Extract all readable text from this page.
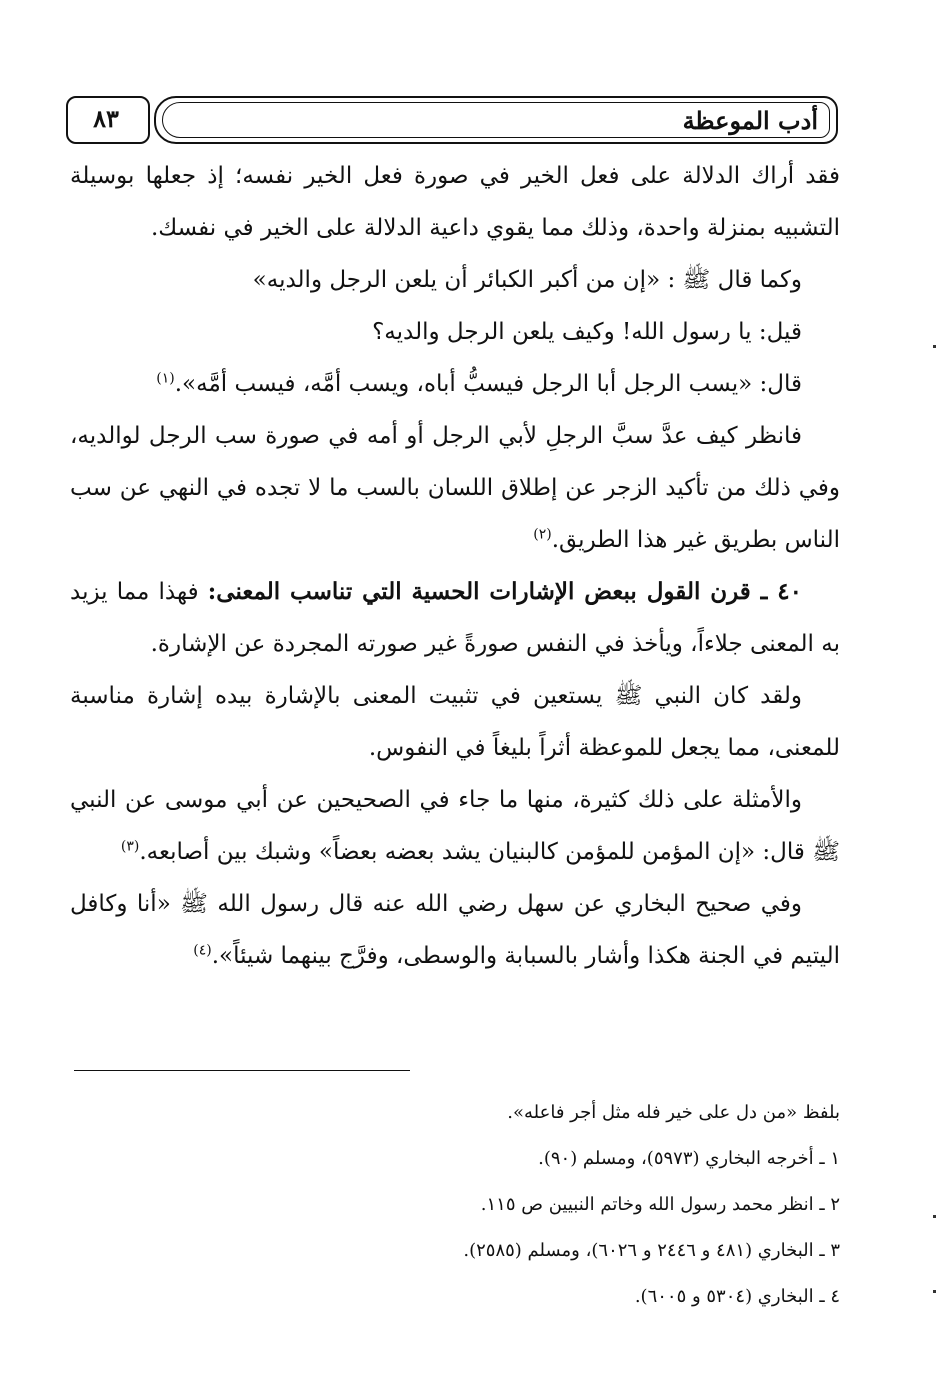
٨٣	أدب الموعظة

فقد أراك الدلالة على فعل الخير في صورة فعل الخير نفسه؛ إذ جعلها بوسيلة التشبيه بمنزلة واحدة، وذلك مما يقوي داعية الدلالة على الخير في نفسك.

وكما قال ﷺ : «إن من أكبر الكبائر أن يلعن الرجل والديه»

قيل: يا رسول الله! وكيف يلعن الرجل والديه؟

قال: «يسب الرجل أبا الرجل فيسبُّ أباه، ويسب أمَّه، فيسب أمَّه».$^{(١)}$

فانظر كيف عدَّ سبَّ الرجلِ لأبي الرجل أو أمه في صورة سب الرجل لوالديه، وفي ذلك من تأكيد الزجر عن إطلاق اللسان بالسب ما لا تجده في النهي عن سب الناس بطريق غير هذا الطريق.$^{(٢)}$

٤٠ ـ قرن القول ببعض الإشارات الحسية التي تناسب المعنى: فهذا مما يزيد به المعنى جلاءاً، ويأخذ في النفس صورةً غير صورته المجردة عن الإشارة.

ولقد كان النبي ﷺ يستعين في تثبيت المعنى بالإشارة بيده إشارة مناسبة للمعنى، مما يجعل للموعظة أثراً بليغاً في النفوس.

والأمثلة على ذلك كثيرة، منها ما جاء في الصحيحين عن أبي موسى عن النبي ﷺ قال: «إن المؤمن للمؤمن كالبنيان يشد بعضه بعضاً» وشبك بين أصابعه.$^{(٣)}$

وفي صحيح البخاري عن سهل رضي الله عنه قال رسول الله ﷺ «أنا وكافل اليتيم في الجنة هكذا وأشار بالسبابة والوسطى، وفرَّج بينهما شيئاً».$^{(٤)}$

بلفظ «من دل على خير فله مثل أجر فاعله».

١ ـ أخرجه البخاري (٥٩٧٣)، ومسلم (٩٠).

٢ ـ انظر محمد رسول الله وخاتم النبيين ص ١١٥.

٣ ـ البخاري (٤٨١ و ٢٤٤٦ و ٦٠٢٦)، ومسلم (٢٥٨٥).

٤ ـ البخاري (٥٣٠٤ و ٦٠٠٥).
